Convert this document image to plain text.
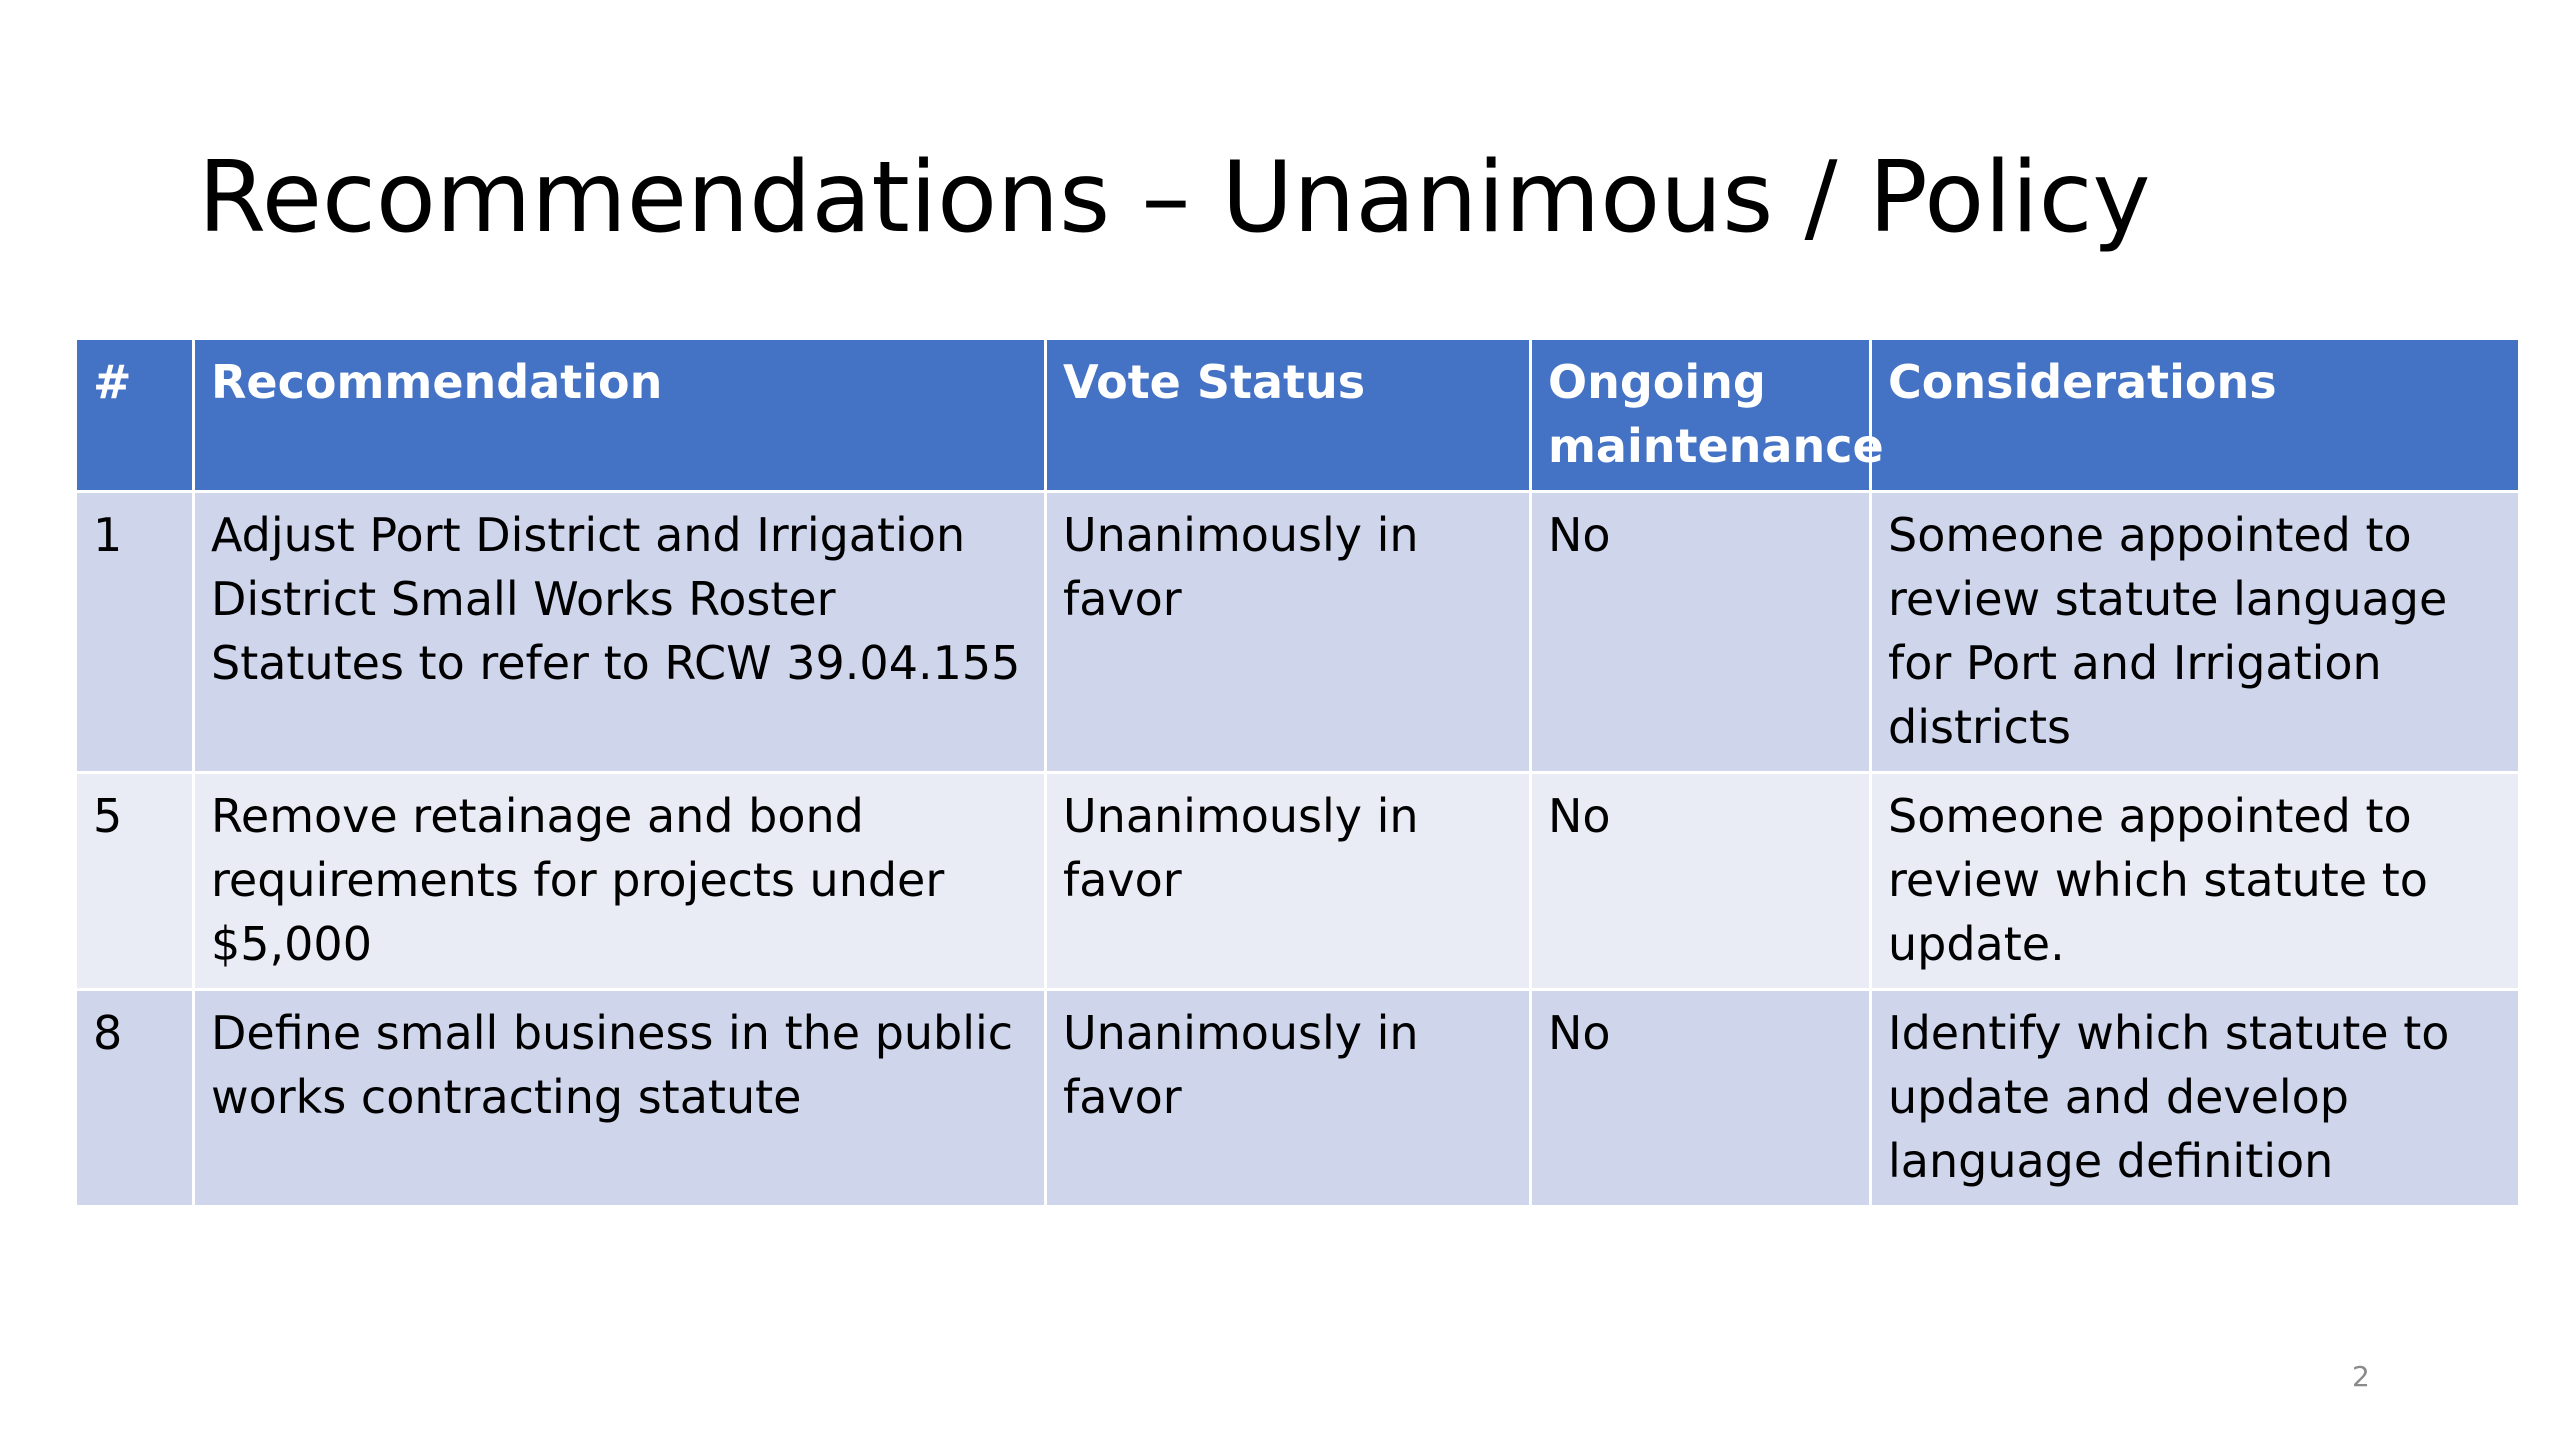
Recommendations – Unanimous / Policy
#	Recommendation	Vote Status	Ongoing maintenance	Considerations
1	Adjust Port District and Irrigation District Small Works Roster Statutes to refer to RCW 39.04.155	Unanimously in favor	No	Someone appointed to review statute language for Port and Irrigation districts
5	Remove retainage and bond requirements for projects under $5,000	Unanimously in favor	No	Someone appointed to review which statute to update.
8	Define small business in the public works contracting statute	Unanimously in favor	No	Identify which statute to update and develop language definition
2
